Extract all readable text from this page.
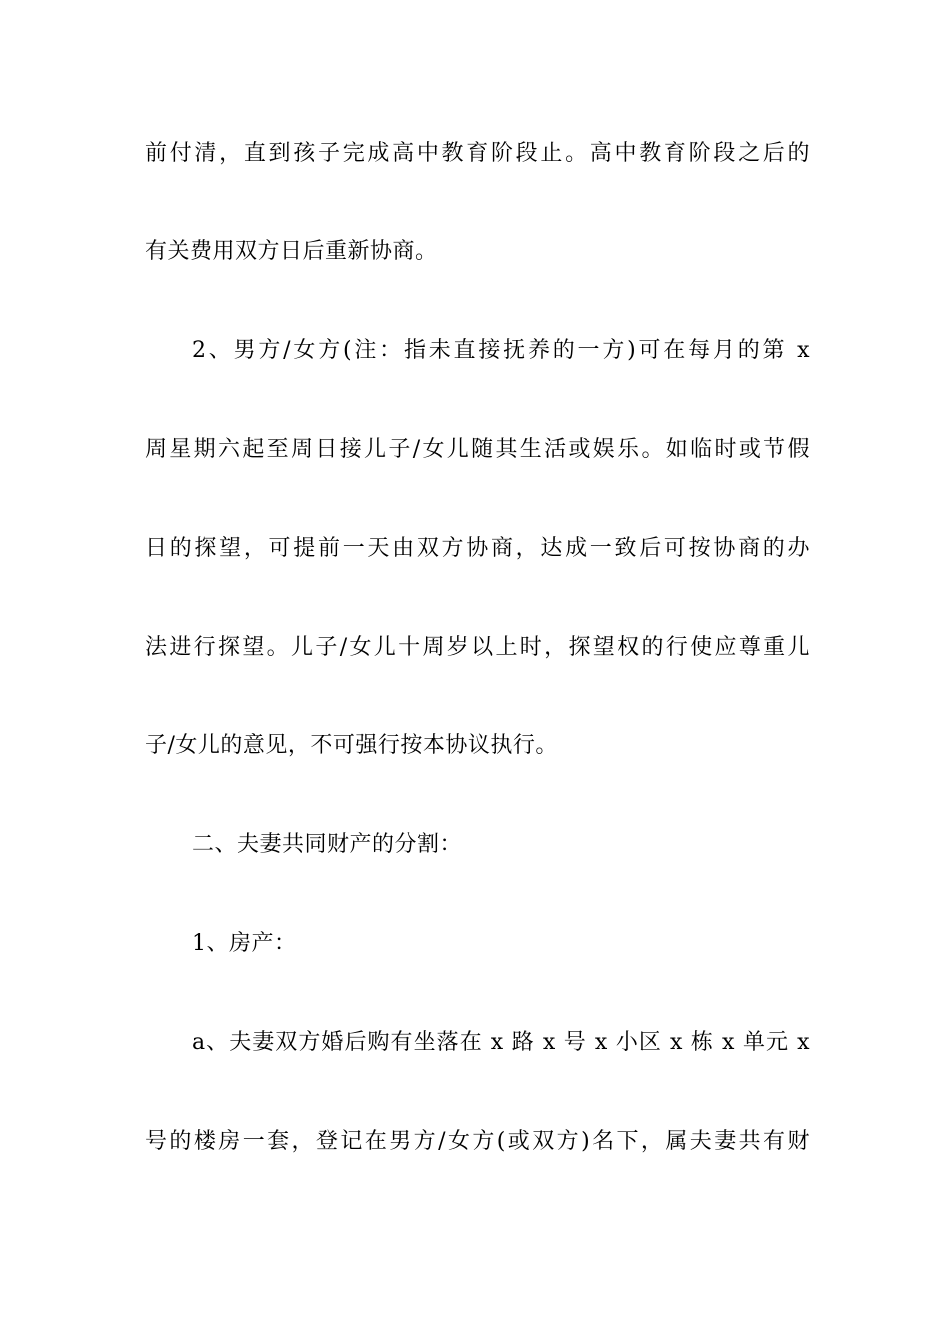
前付清，直到孩子完成高中教育阶段止。高中教育阶段之后的
有关费用双方日后重新协商。
2、男方/女方(注：指未直接抚养的一方)可在每月的第 x
周星期六起至周日接儿子/女儿随其生活或娱乐。如临时或节假
日的探望，可提前一天由双方协商，达成一致后可按协商的办
法进行探望。儿子/女儿十周岁以上时，探望权的行使应尊重儿
子/女儿的意见，不可强行按本协议执行。
二、夫妻共同财产的分割：
1、房产：
a、夫妻双方婚后购有坐落在 x 路 x 号 x 小区 x 栋 x 单元 x
号的楼房一套，登记在男方/女方(或双方)名下，属夫妻共有财
